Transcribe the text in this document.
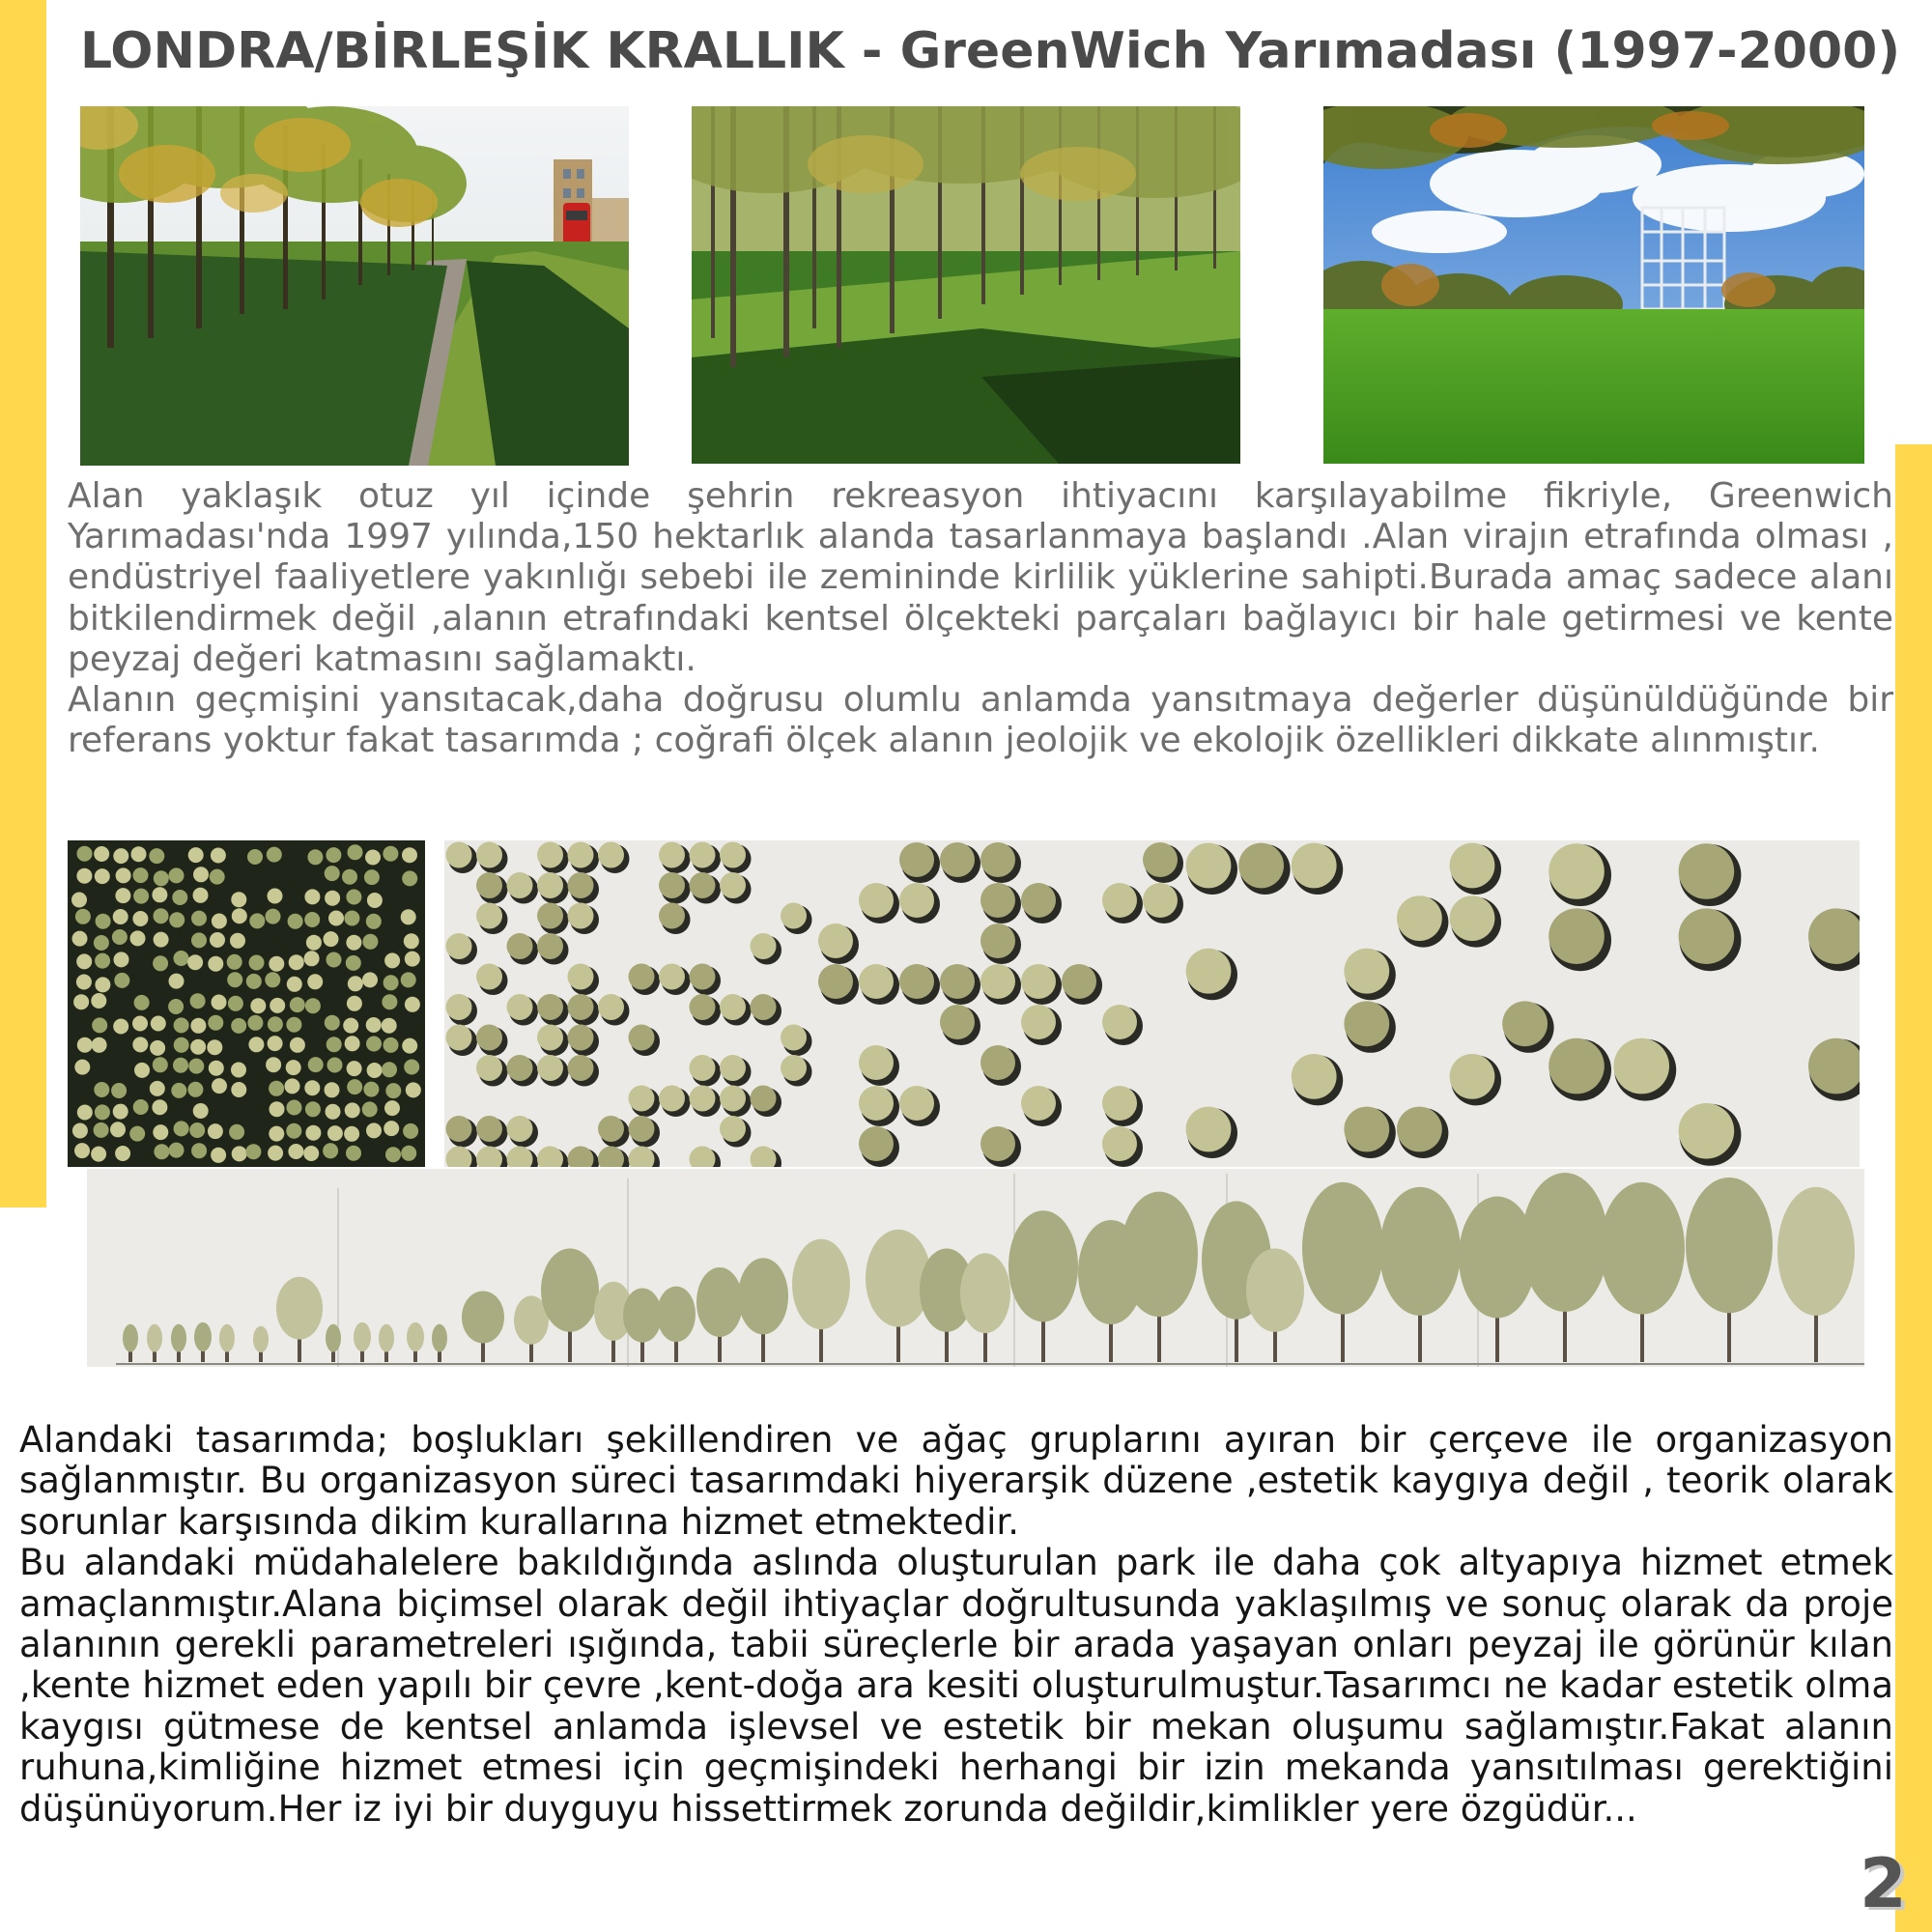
LONDRA/BİRLEŞİK KRALLIK - GreenWich Yarımadası (1997-2000)

Alan yaklaşık otuz yıl içinde şehrin rekreasyon ihtiyacını karşılayabilme fikriyle, Greenwich Yarımadası'nda 1997 yılında,150 hektarlık alanda tasarlanmaya başlandı .Alan virajın etrafında olması , endüstriyel faaliyetlere yakınlığı sebebi ile zemininde kirlilik yüklerine sahipti.Burada amaç sadece alanı bitkilendirmek değil ,alanın etrafındaki kentsel ölçekteki parçaları bağlayıcı bir hale getirmesi ve kente peyzaj değeri katmasını sağlamaktı.

Alanın geçmişini yansıtacak,daha doğrusu olumlu anlamda yansıtmaya değerler düşünüldüğünde bir referans yoktur fakat tasarımda ; coğrafi ölçek alanın jeolojik ve ekolojik özellikleri dikkate alınmıştır.

Alandaki tasarımda; boşlukları şekillendiren ve ağaç gruplarını ayıran bir çerçeve ile organizasyon sağlanmıştır. Bu organizasyon süreci tasarımdaki hiyerarşik düzene ,estetik kaygıya değil , teorik olarak sorunlar karşısında dikim kurallarına hizmet etmektedir.

Bu alandaki müdahalelere bakıldığında aslında oluşturulan park ile daha çok altyapıya hizmet etmek amaçlanmıştır.Alana biçimsel olarak değil ihtiyaçlar doğrultusunda yaklaşılmış ve sonuç olarak da proje alanının gerekli parametreleri ışığında, tabii süreçlerle bir arada yaşayan onları peyzaj ile görünür kılan ,kente hizmet eden yapılı bir çevre ,kent-doğa ara kesiti oluşturulmuştur.Tasarımcı ne kadar estetik olma kaygısı gütmese de kentsel anlamda işlevsel ve estetik bir mekan oluşumu sağlamıştır.Fakat alanın ruhuna,kimliğine hizmet etmesi için geçmişindeki herhangi bir izin mekanda yansıtılması gerektiğini düşünüyorum.Her iz iyi bir duyguyu hissettirmek zorunda değildir,kimlikler yere özgüdür...

2
